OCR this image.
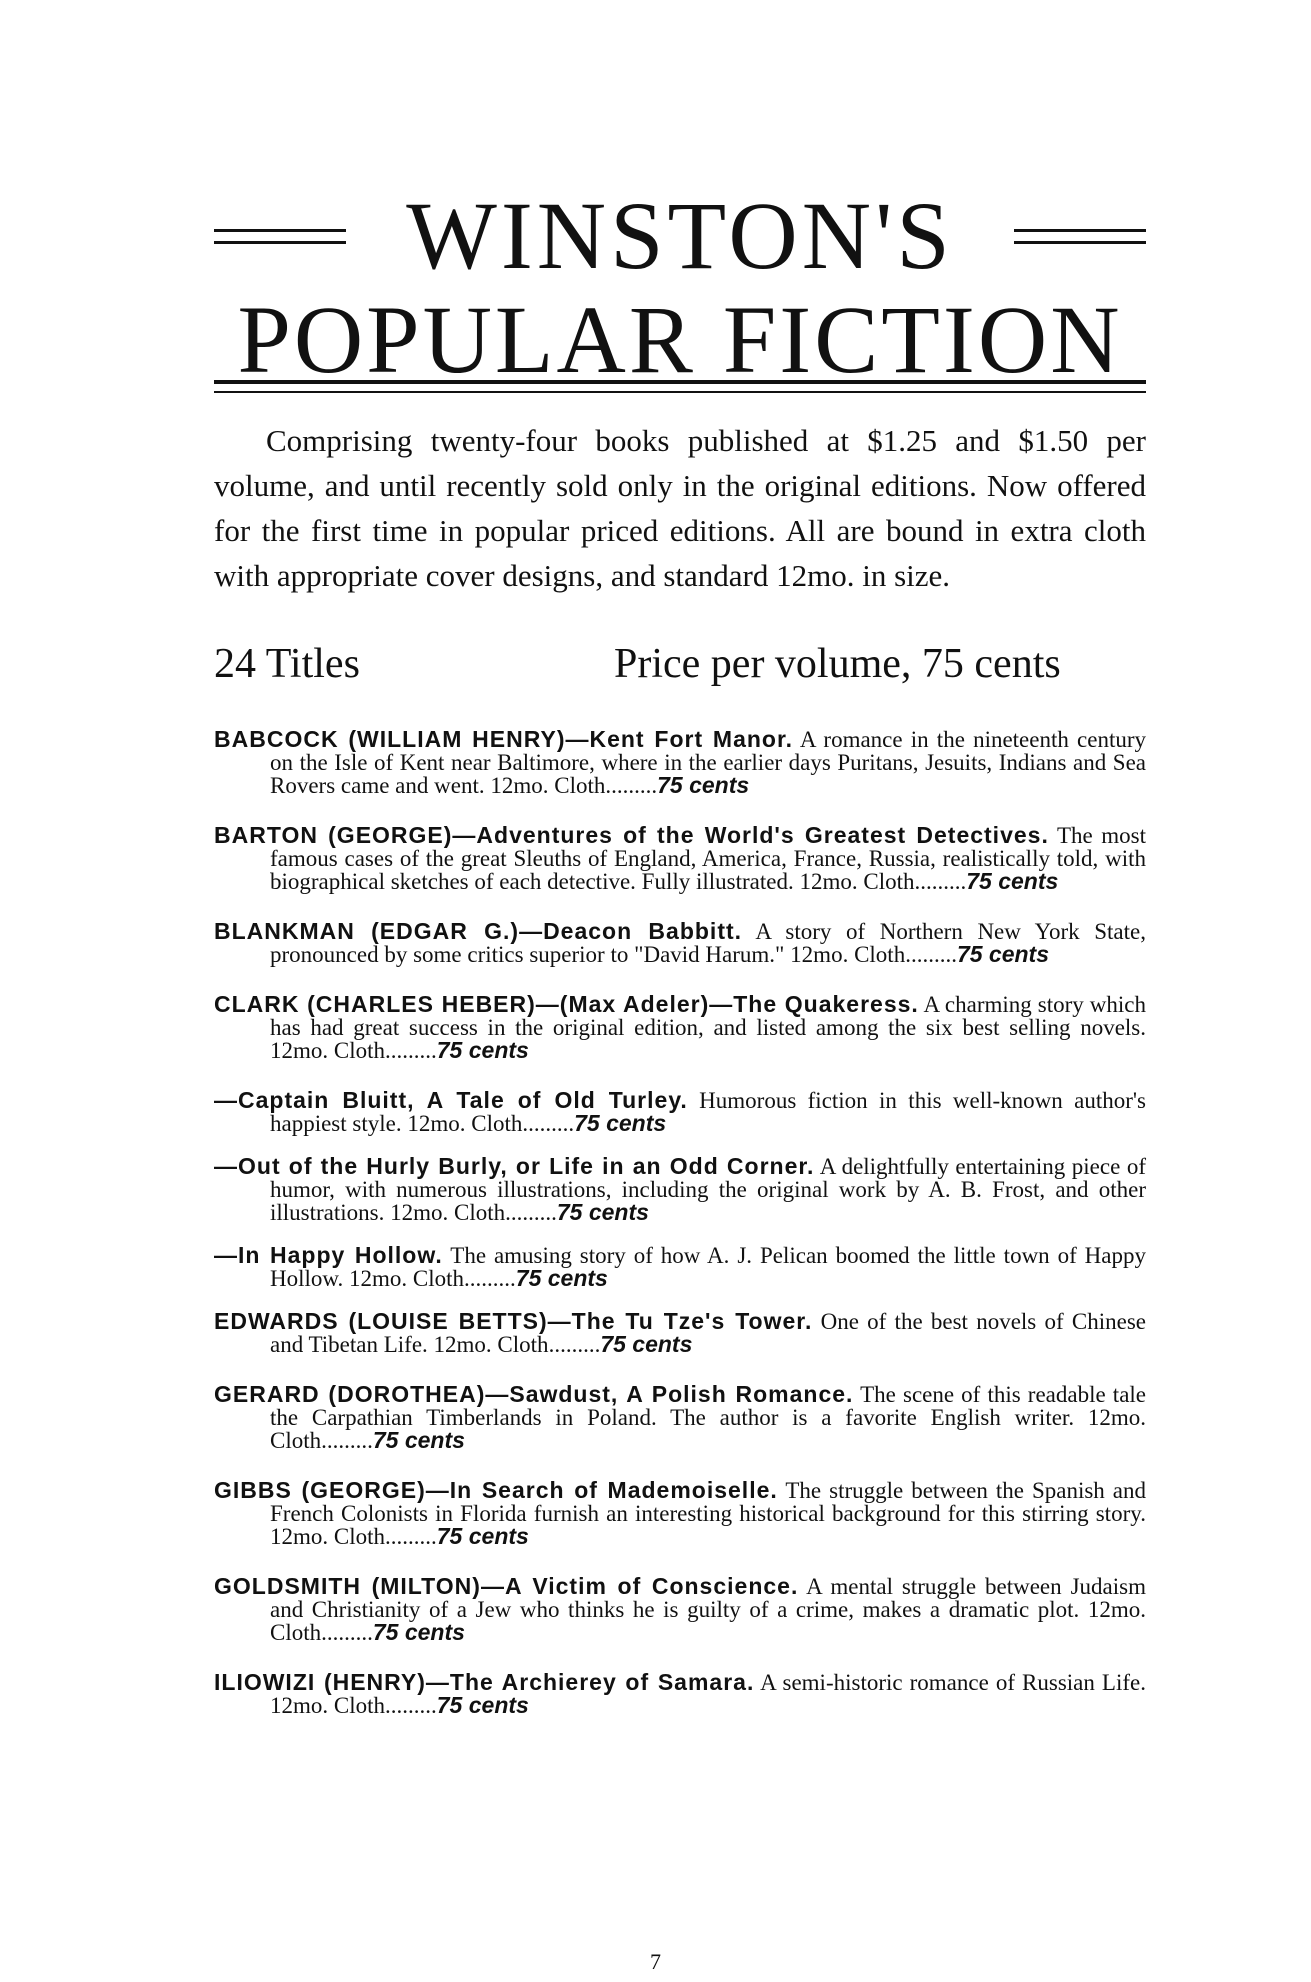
WINSTON'S
POPULAR FICTION

Comprising twenty-four books published at $1.25 and $1.50 per volume, and until recently sold only in the original editions. Now offered for the first time in popular priced editions. All are bound in extra cloth with appropriate cover designs, and standard 12mo. in size.

24 Titles	Price per volume, 75 cents

BABCOCK (WILLIAM HENRY)—Kent Fort Manor. A romance in the nineteenth century on the Isle of Kent near Baltimore, where in the earlier days Puritans, Jesuits, Indians and Sea Rovers came and went. 12mo. Cloth.........75 cents

BARTON (GEORGE)—Adventures of the World's Greatest Detectives. The most famous cases of the great Sleuths of England, America, France, Russia, realistically told, with biographical sketches of each detective. Fully illustrated. 12mo. Cloth.........75 cents

BLANKMAN (EDGAR G.)—Deacon Babbitt. A story of Northern New York State, pronounced by some critics superior to "David Harum." 12mo. Cloth.........75 cents

CLARK (CHARLES HEBER)—(Max Adeler)—The Quakeress. A charming story which has had great success in the original edition, and listed among the six best selling novels. 12mo. Cloth.........75 cents

—Captain Bluitt, A Tale of Old Turley. Humorous fiction in this well-known author's happiest style. 12mo. Cloth.........75 cents

—Out of the Hurly Burly, or Life in an Odd Corner. A delightfully entertaining piece of humor, with numerous illustrations, including the original work by A. B. Frost, and other illustrations. 12mo. Cloth.........75 cents

—In Happy Hollow. The amusing story of how A. J. Pelican boomed the little town of Happy Hollow. 12mo. Cloth.........75 cents

EDWARDS (LOUISE BETTS)—The Tu Tze's Tower. One of the best novels of Chinese and Tibetan Life. 12mo. Cloth.........75 cents

GERARD (DOROTHEA)—Sawdust, A Polish Romance. The scene of this readable tale the Carpathian Timberlands in Poland. The author is a favorite English writer. 12mo. Cloth.........75 cents

GIBBS (GEORGE)—In Search of Mademoiselle. The struggle between the Spanish and French Colonists in Florida furnish an interesting historical background for this stirring story. 12mo. Cloth.........75 cents

GOLDSMITH (MILTON)—A Victim of Conscience. A mental struggle between Judaism and Christianity of a Jew who thinks he is guilty of a crime, makes a dramatic plot. 12mo. Cloth.........75 cents

ILIOWIZI (HENRY)—The Archierey of Samara. A semi-historic romance of Russian Life. 12mo. Cloth.........75 cents

7
